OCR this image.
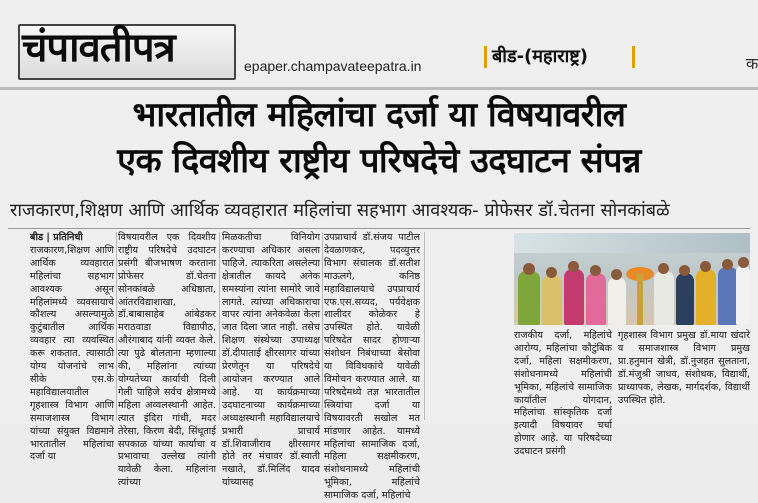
चंपावतीपत्र	epaper.champavateepatra.in	बीड-(महाराष्ट्र)	क
भारतातील महिलांचा दर्जा या विषयावरील
एक दिवशीय राष्ट्रीय परिषदेचे उदघाटन संपन्न
राजकारण,शिक्षण आणि आर्थिक व्यवहारात महिलांचा सहभाग आवश्यक- प्रोफेसर डॉ.चेतना सोनकांबळे

बीड | प्रतिनिधी

राजकारण,शिक्षण आणि आर्थिक व्यवहारात महिलांचा सहभाग आवश्यक असून महिलांमध्ये व्यवसायाचे कौशल्य असल्यामुळे कुटुंबातील आर्थिक व्यवहार त्या व्यवस्थित करू शकतात. त्यासाठी योग्य योजनांचे लाभ सीके एस.के महाविद्यालयातील गृहशास्त्र विभाग आणि समाजशास्त्र विभाग यांच्या संयुक्त विद्यमाने भारतातील महिलांचा दर्जा या

विषयावरील एक दिवशीय राष्ट्रीय परिषदेचे उदघाटन प्रसंगी बीजभाषण करताना प्रोफेसर डॉ.चेतना सोनकांबळे अधिष्ठाता, आंतरविद्याशाखा, डॉ.बाबासाहेब आंबेडकर मराठवाडा विद्यापीठ, औरंगाबाद यांनी व्यक्त केले. त्या पुढे बोलताना म्हणाल्या की, महिलांना त्यांच्या योग्यतेच्या कार्याची दिली गेली पाहिजे सर्वच क्षेत्रामध्ये महिला अव्वलस्थानी आहेत. त्यात इंदिरा गांधी, मदर तेरेसा, किरण बेदी, सिंधूताई सपकाळ यांच्या कार्याचा व प्रभावाचा उल्लेख त्यांनी यावेळी केला. महिलांना त्यांच्या

मिळकतीचा विनियोग करण्याचा अधिकार असला पाहिजे. त्याकरिता असलेल्या क्षेत्रातील कायदे अनेक समस्यांना त्यांना सामोरे जावे लागते. त्यांच्या अधिकाराचा वापर त्यांना अनेकवेळा केला जात दिला जात नाही. तसेच शिक्षण संस्थेच्या उपाध्यक्ष डॉ.दीपाताई क्षीरसागर यांच्या प्रेरणेतून या परिषदेचे आयोजन करण्यात आले आहे. या कार्यक्रमाच्या उदघाटनाच्या कार्यक्रमाच्या अध्यक्षस्थानी महाविद्यालयाचे प्रभारी प्राचार्य डॉ.शिवाजीराव क्षीरसागर होते तर मंचावर डॉ.स्वाती नखाते, डॉ.मिलिंद यादव यांच्यासह

उपप्राचार्य डॉ.संजय पाटील देवळाणकर, पदव्युत्तर विभाग संचालक डॉ.सतीश माऊलगे, कनिष्ठ महाविद्यालयाचे उपप्राचार्य एफ.एस.सय्यद, पर्यवेक्षक शालीदर कोळेकर हे उपस्थित होते. यावेळी परिषदेत सादर होणाऱ्या संशोधन निबंधाच्या बेसोवा या विविधकांचे यावेळी विमोचन करण्यात आले. या परिषदेमध्ये तज्ञ भारतातील स्त्रियांचा दर्जा या विषयावरती सखोल मत मांडणार आहेत. यामध्ये महिलांचा सामाजिक दर्जा, महिला सक्षमीकरण, संशोधनामध्ये महिलांची भूमिका, महिलांचे सामाजिक दर्जा, महिलांचे

राजकीय दर्जा, महिलांचे आरोग्य, महिलांचा कौटुंबिक दर्जा, महिला सक्षमीकरण, संशोधनामध्ये महिलांची भूमिका, महिलांचे सामाजिक कार्यातील योगदान, महिलांचा सांस्कृतिक दर्जा इत्यादी विषयावर चर्चा होणार आहे. या परिषदेच्या उदघाटन प्रसंगी

गृहशास्त्र विभाग प्रमुख डॉ.माया खंदारे व समाजशास्त्र विभाग प्रमुख प्रा.हनुमान खेत्री, डॉ.नुजहत सुलताना, डॉ.मंजुश्री जाधव, संशोधक, विद्यार्थी, प्राध्यापक, लेखक, मार्गदर्शक, विद्यार्थी उपस्थित होते.
